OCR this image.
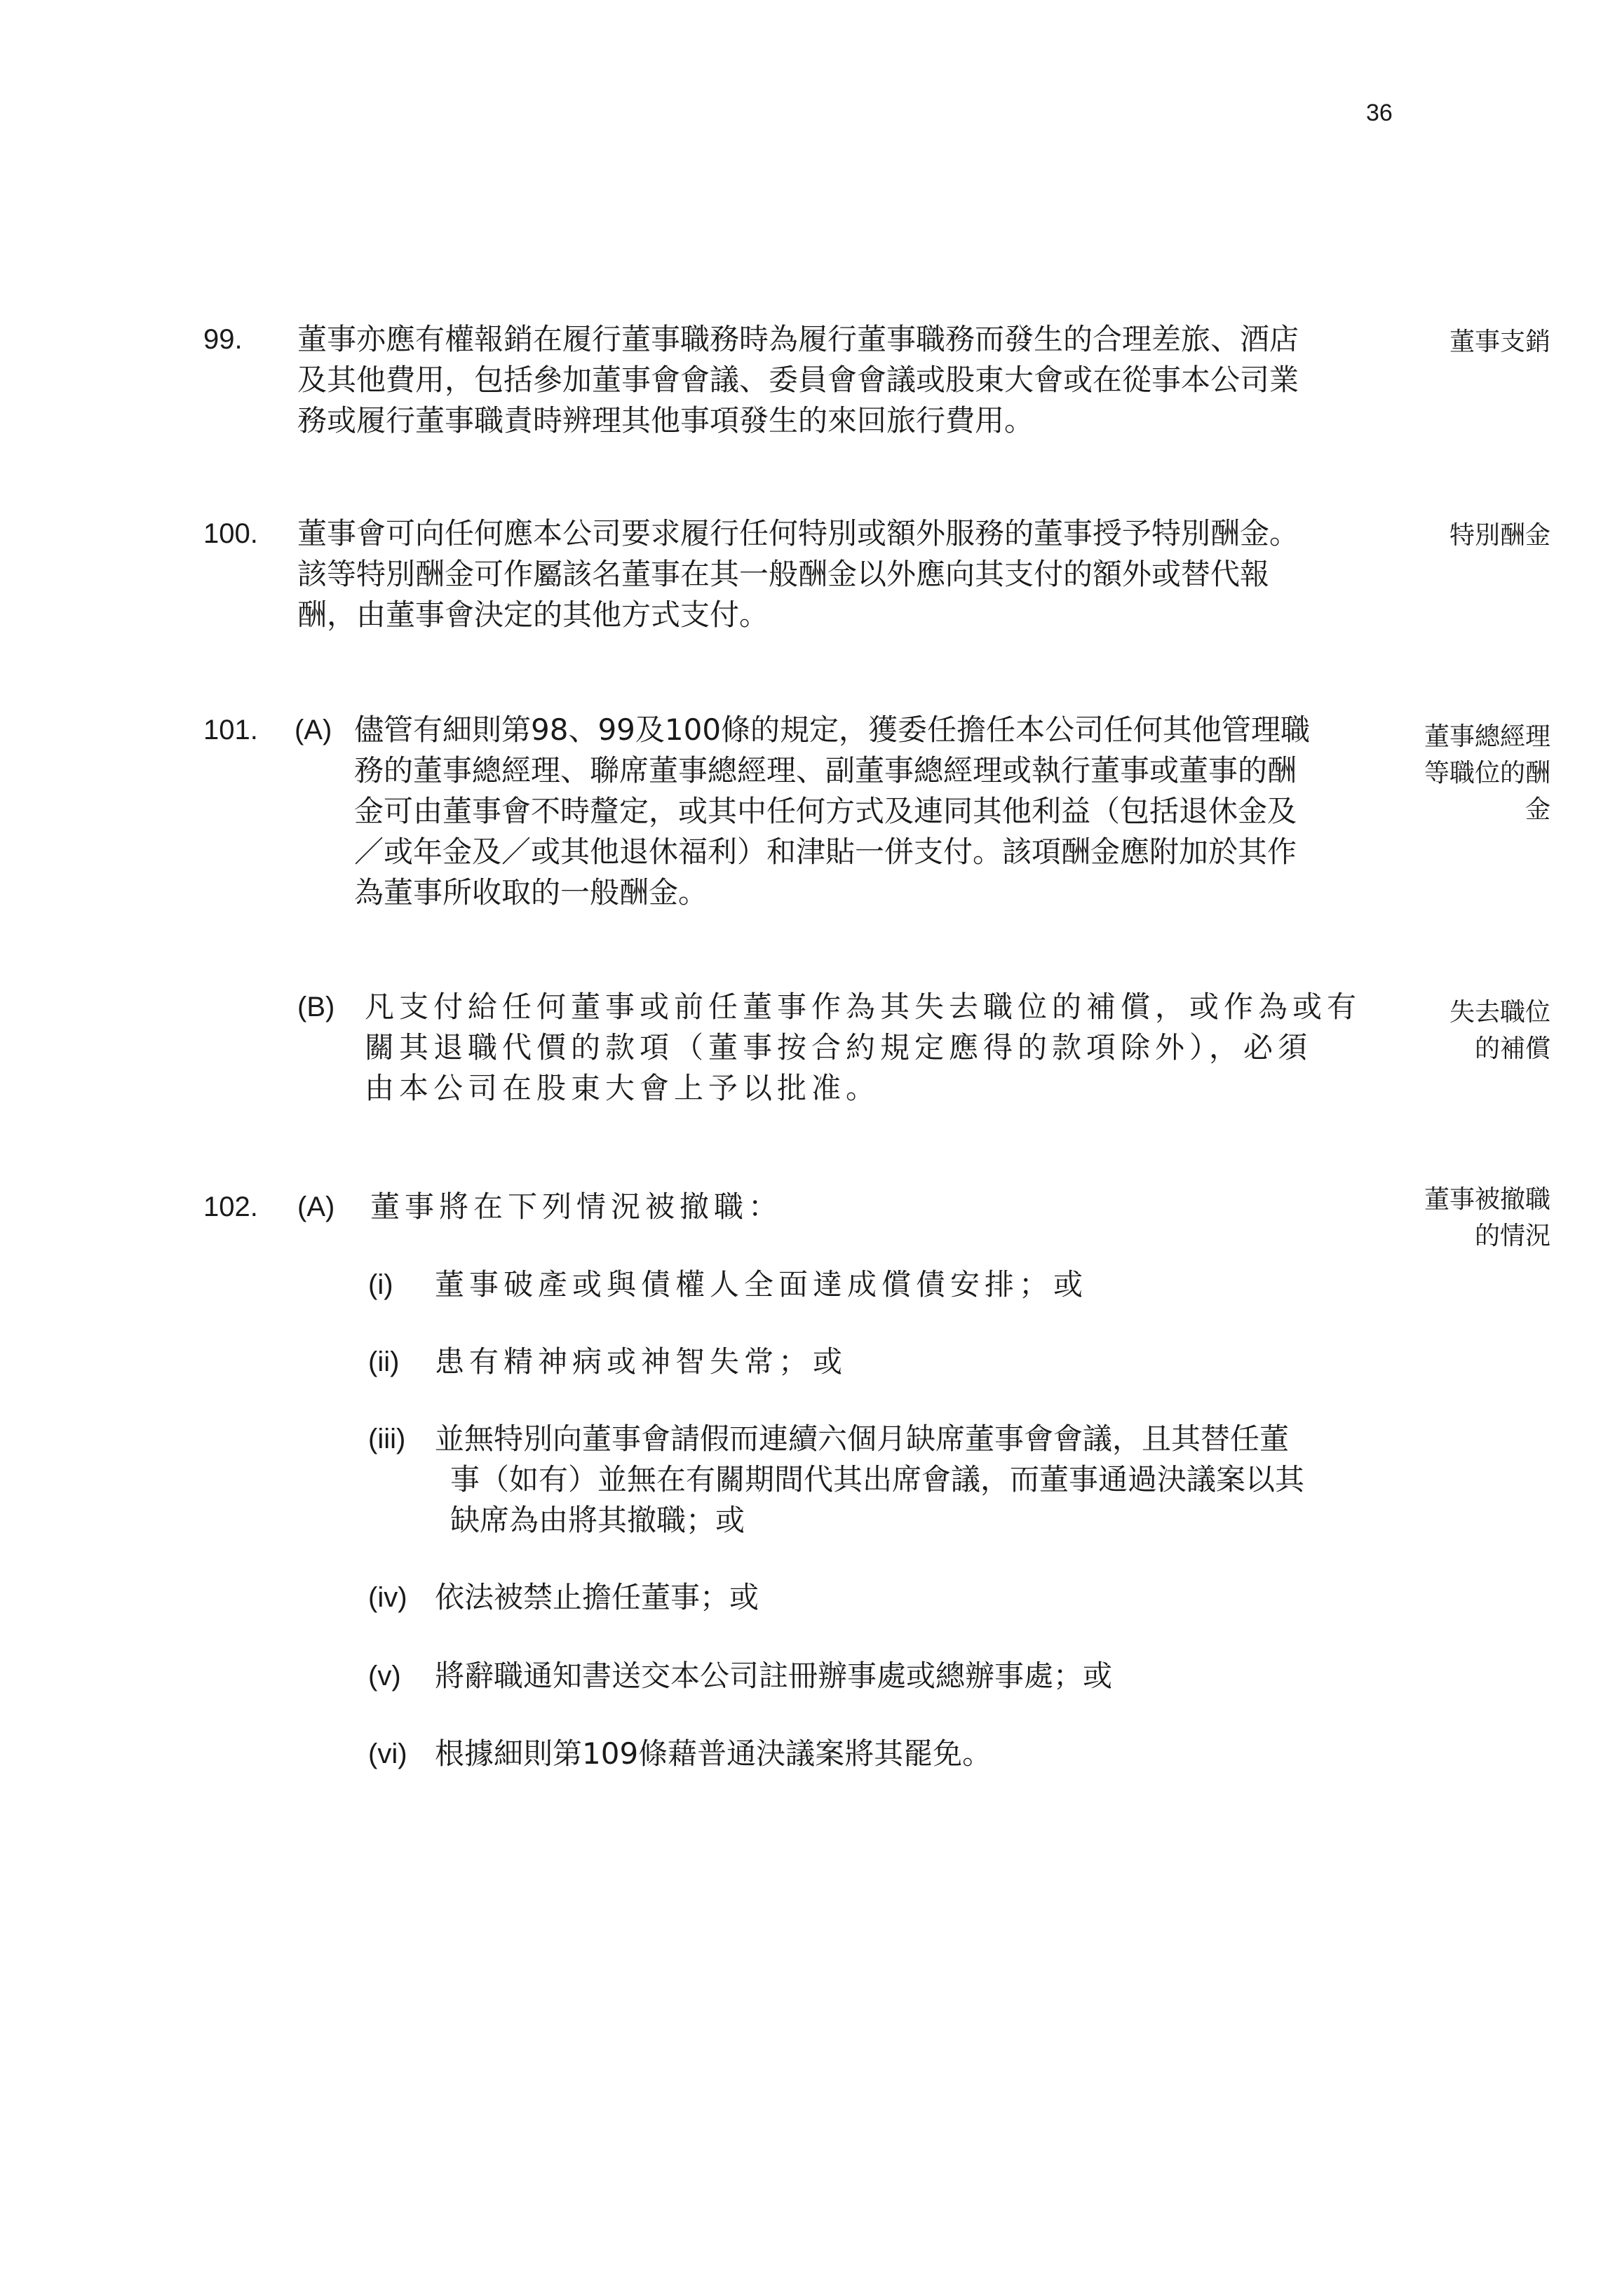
36
99. 董事亦應有權報銷在履行董事職務時為履行董事職務而發生的合理差旅、酒店
及其他費用，包括參加董事會會議、委員會會議或股東大會或在從事本公司業
務或履行董事職責時辨理其他事項發生的來回旅行費用。
董事支銷
100. 董事會可向任何應本公司要求履行任何特別或額外服務的董事授予特別酬金。
該等特別酬金可作屬該名董事在其一般酬金以外應向其支付的額外或替代報
酬，由董事會決定的其他方式支付。
特別酬金
101. (A) 儘管有細則第98、99及100條的規定，獲委任擔任本公司任何其他管理職
務的董事總經理、聯席董事總經理、副董事總經理或執行董事或董事的酬
金可由董事會不時釐定，或其中任何方式及連同其他利益（包括退休金及
／或年金及／或其他退休福利）和津貼一併支付。該項酬金應附加於其作
為董事所收取的一般酬金。
董事總經理
等職位的酬
金
(B) 凡支付給任何董事或前任董事作為其失去職位的補償，或作為或有
關其退職代價的款項（董事按合約規定應得的款項除外），必須
由本公司在股東大會上予以批准。
失去職位
的補償
102. (A) 董事將在下列情況被撤職：	董事被撤職
的情況
(i) 董事破產或與債權人全面達成償債安排；或
(ii) 患有精神病或神智失常；或
(iii) 並無特別向董事會請假而連續六個月缺席董事會會議，且其替任董
事（如有）並無在有關期間代其出席會議，而董事通過決議案以其
缺席為由將其撤職；或
(iv) 依法被禁止擔任董事；或
(v) 將辭職通知書送交本公司註冊辦事處或總辦事處；或
(vi) 根據細則第109條藉普通決議案將其罷免。
